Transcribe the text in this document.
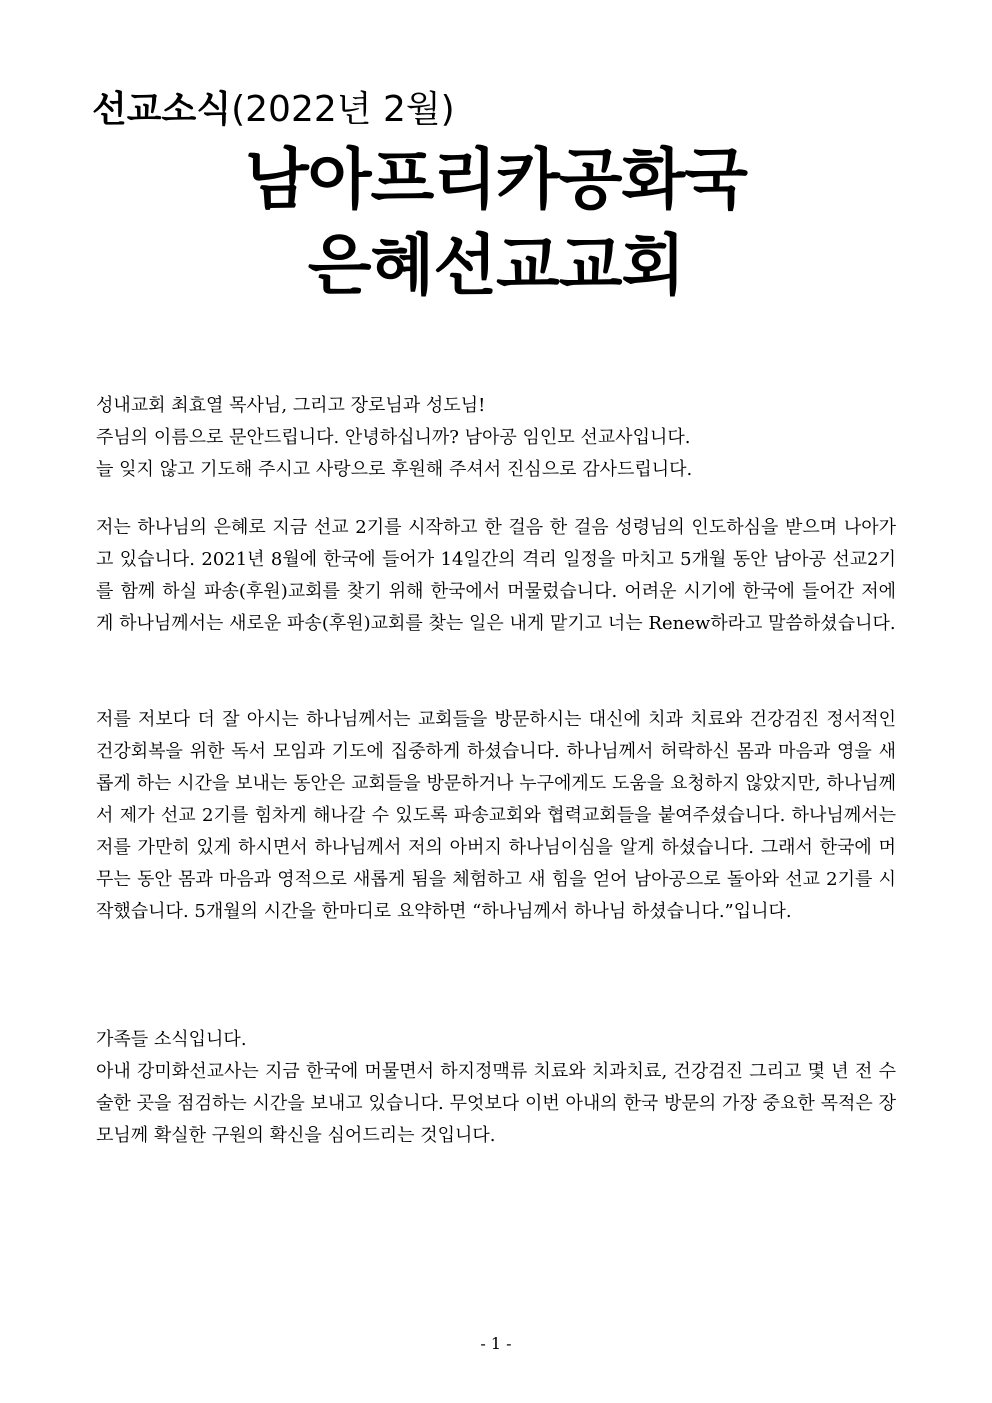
선교소식(2022년 2월)
남아프리카공화국
은혜선교교회

성내교회 최효열 목사님, 그리고 장로님과 성도님!

주님의 이름으로 문안드립니다. 안녕하십니까? 남아공 임인모 선교사입니다.

늘 잊지 않고 기도해 주시고 사랑으로 후원해 주셔서 진심으로 감사드립니다.

저는 하나님의 은혜로 지금 선교 2기를 시작하고 한 걸음 한 걸음 성령님의 인도하심을 받으며 나아가고 있습니다. 2021년 8월에 한국에 들어가 14일간의 격리 일정을 마치고 5개월 동안 남아공 선교2기를 함께 하실 파송(후원)교회를 찾기 위해 한국에서 머물렀습니다. 어려운 시기에 한국에 들어간 저에게 하나님께서는 새로운 파송(후원)교회를 찾는 일은 내게 맡기고 너는 Renew하라고 말씀하셨습니다.

저를 저보다 더 잘 아시는 하나님께서는 교회들을 방문하시는 대신에 치과 치료와 건강검진 정서적인 건강회복을 위한 독서 모임과 기도에 집중하게 하셨습니다. 하나님께서 허락하신 몸과 마음과 영을 새롭게 하는 시간을 보내는 동안은 교회들을 방문하거나 누구에게도 도움을 요청하지 않았지만, 하나님께서 제가 선교 2기를 힘차게 해나갈 수 있도록 파송교회와 협력교회들을 붙여주셨습니다. 하나님께서는 저를 가만히 있게 하시면서 하나님께서 저의 아버지 하나님이심을 알게 하셨습니다. 그래서 한국에 머무는 동안 몸과 마음과 영적으로 새롭게 됨을 체험하고 새 힘을 얻어 남아공으로 돌아와 선교 2기를 시작했습니다. 5개월의 시간을 한마디로 요약하면 “하나님께서 하나님 하셨습니다.”입니다.

가족들 소식입니다.

아내 강미화선교사는 지금 한국에 머물면서 하지정맥류 치료와 치과치료, 건강검진 그리고 몇 년 전 수술한 곳을 점검하는 시간을 보내고 있습니다. 무엇보다 이번 아내의 한국 방문의 가장 중요한 목적은 장모님께 확실한 구원의 확신을 심어드리는 것입니다.

- 1 -
